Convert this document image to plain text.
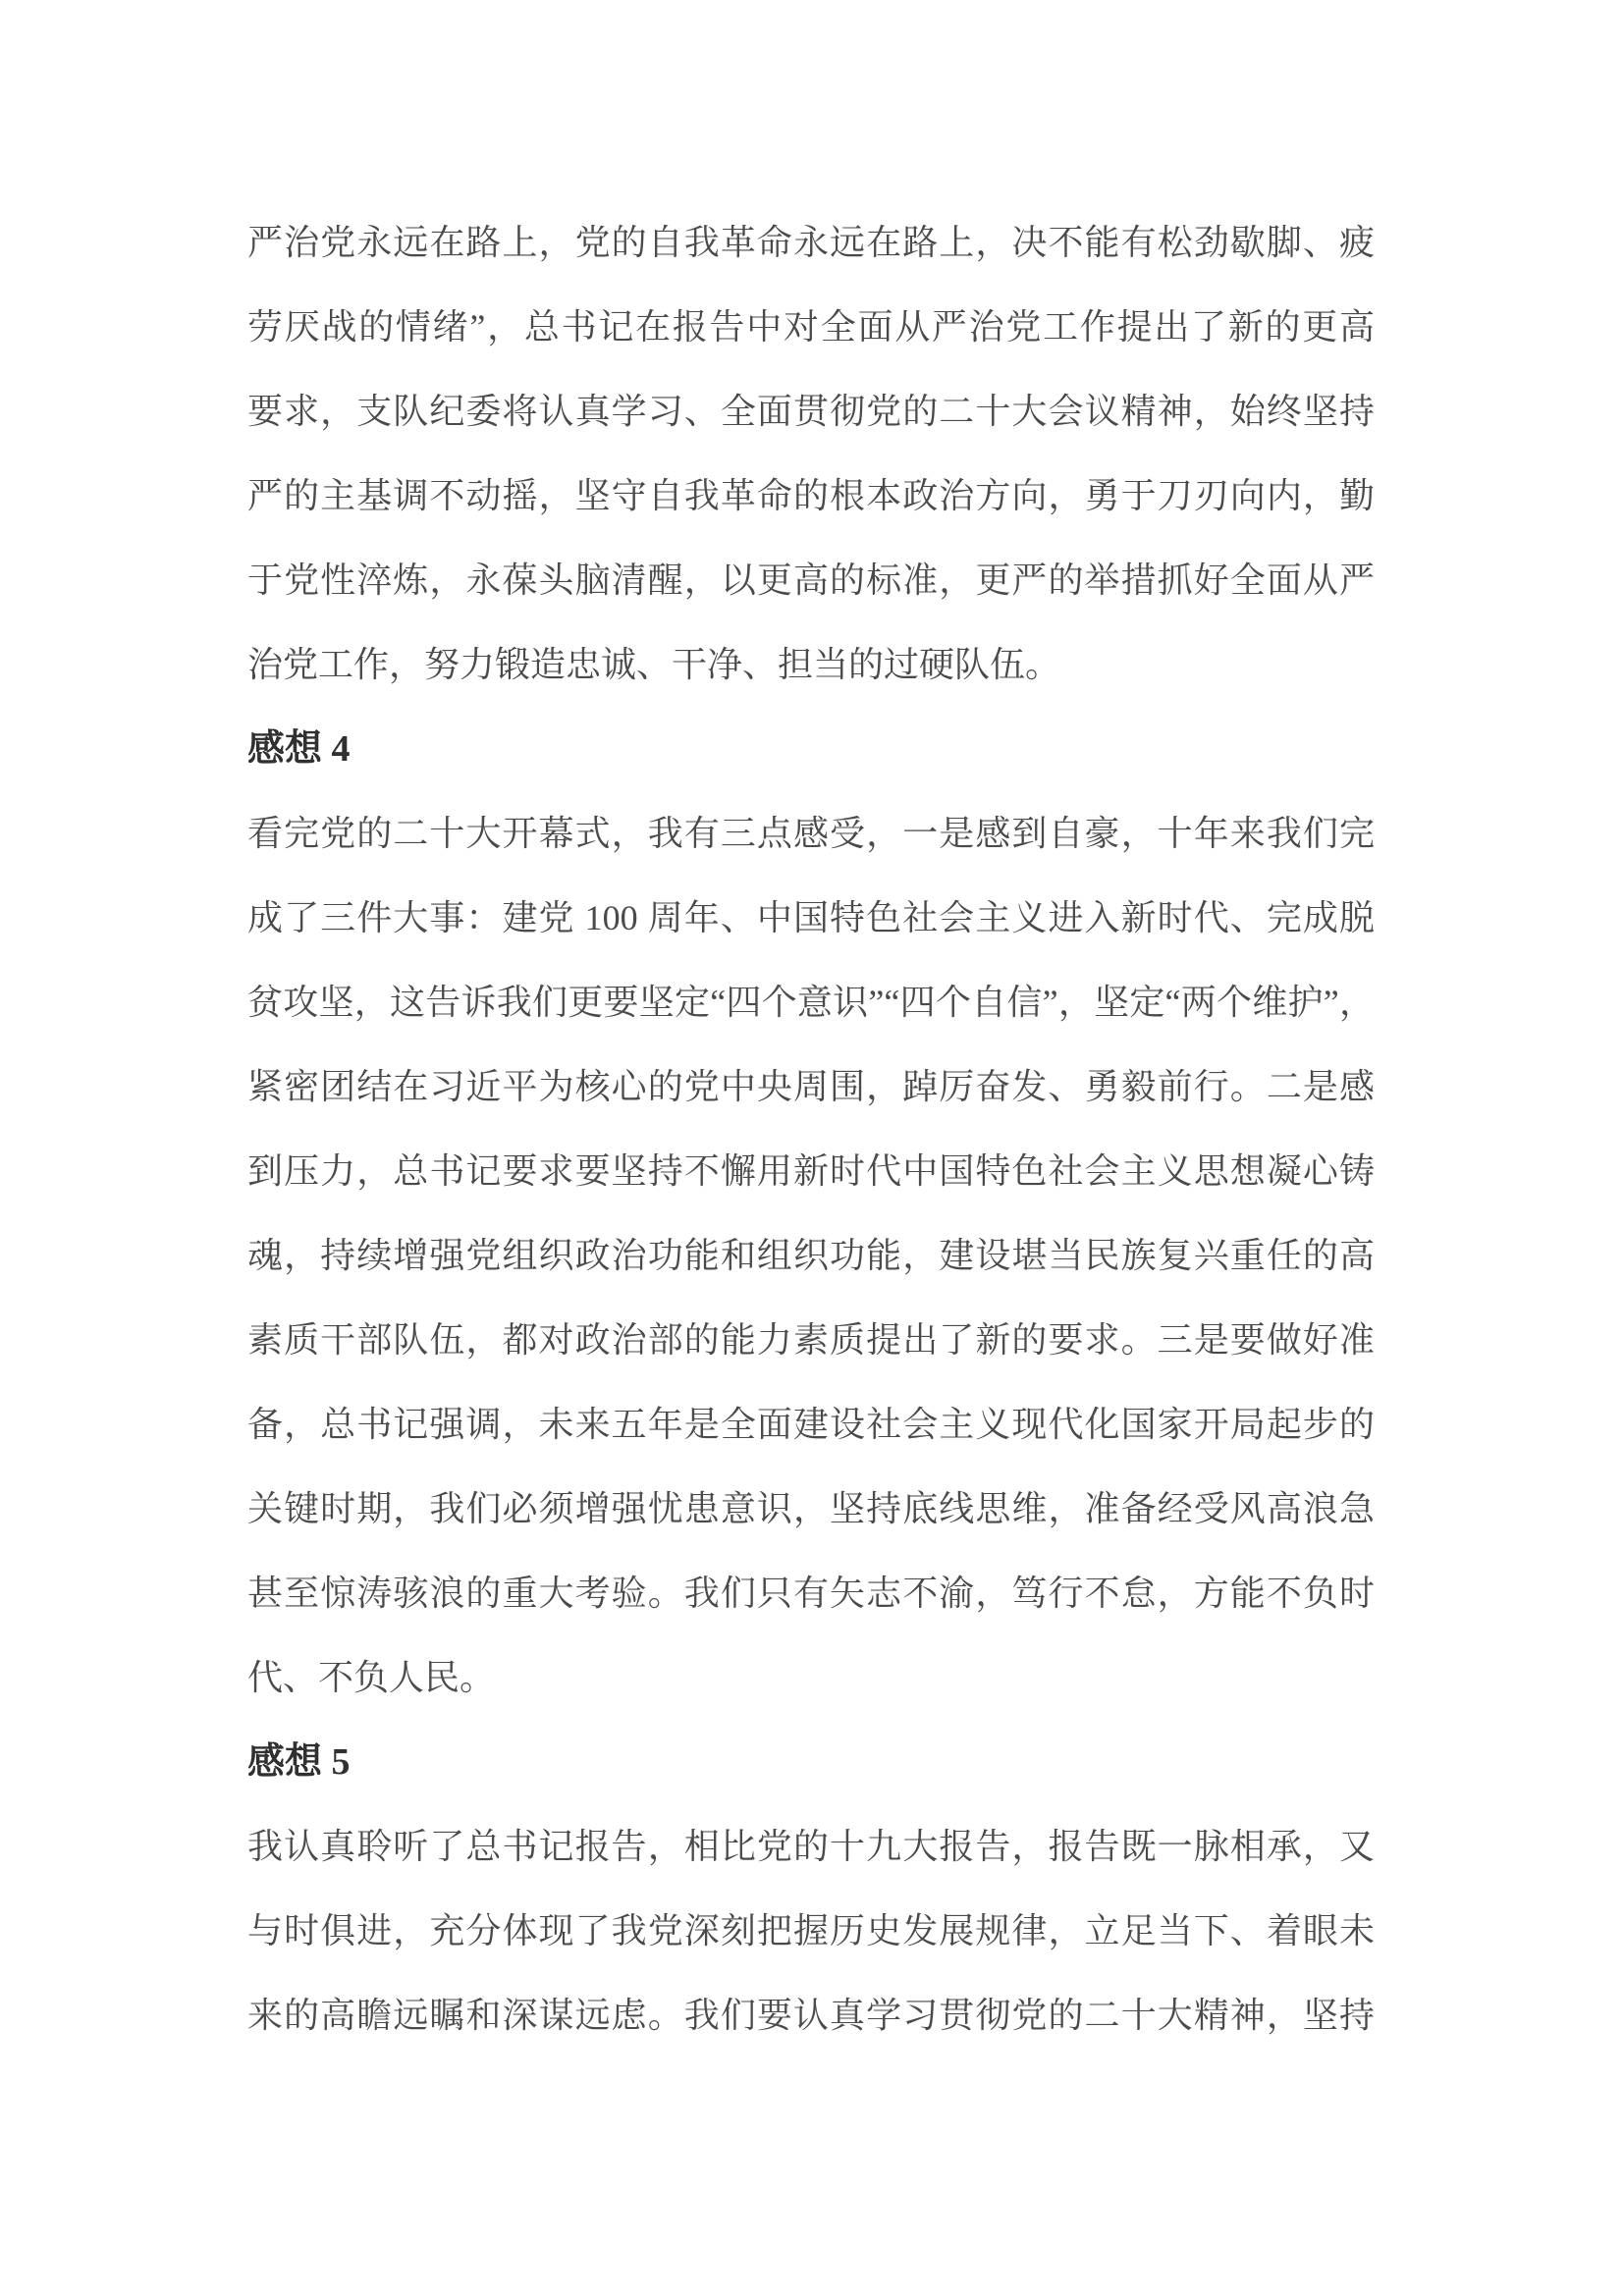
严治党永远在路上，党的自我革命永远在路上，决不能有松劲歇脚、疲
劳厌战的情绪”，总书记在报告中对全面从严治党工作提出了新的更高
要求，支队纪委将认真学习、全面贯彻党的二十大会议精神，始终坚持
严的主基调不动摇，坚守自我革命的根本政治方向，勇于刀刃向内，勤
于党性淬炼，永葆头脑清醒，以更高的标准，更严的举措抓好全面从严
治党工作，努力锻造忠诚、干净、担当的过硬队伍。
感想 4
看完党的二十大开幕式，我有三点感受，一是感到自豪，十年来我们完
成了三件大事：建党 100 周年、中国特色社会主义进入新时代、完成脱
贫攻坚，这告诉我们更要坚定“四个意识”“四个自信”，坚定“两个维护”，
紧密团结在习近平为核心的党中央周围，踔厉奋发、勇毅前行。二是感
到压力，总书记要求要坚持不懈用新时代中国特色社会主义思想凝心铸
魂，持续增强党组织政治功能和组织功能，建设堪当民族复兴重任的高
素质干部队伍，都对政治部的能力素质提出了新的要求。三是要做好准
备，总书记强调，未来五年是全面建设社会主义现代化国家开局起步的
关键时期，我们必须增强忧患意识，坚持底线思维，准备经受风高浪急
甚至惊涛骇浪的重大考验。我们只有矢志不渝，笃行不怠，方能不负时
代、不负人民。
感想 5
我认真聆听了总书记报告，相比党的十九大报告，报告既一脉相承，又
与时俱进，充分体现了我党深刻把握历史发展规律，立足当下、着眼未
来的高瞻远瞩和深谋远虑。我们要认真学习贯彻党的二十大精神，坚持
